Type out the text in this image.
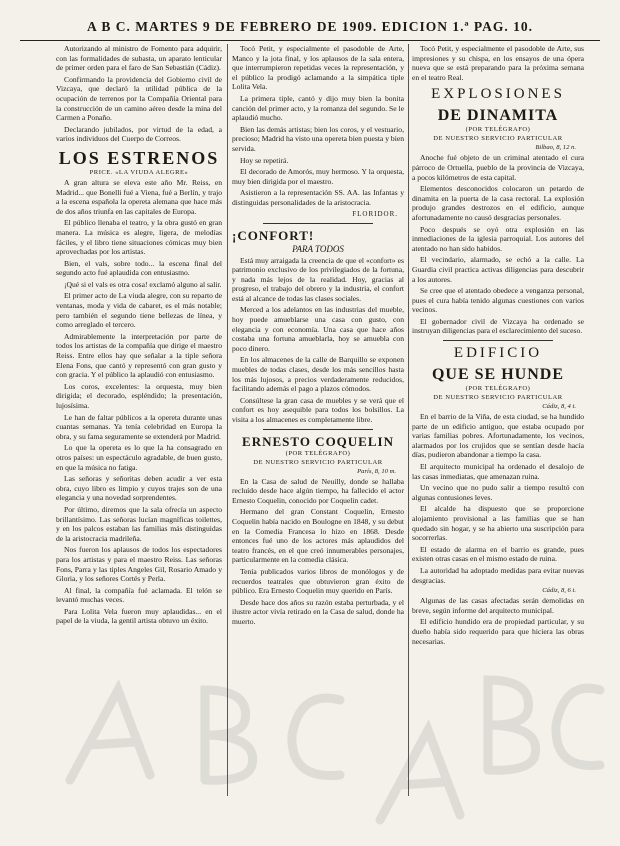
A B C. MARTES 9 DE FEBRERO DE 1909. EDICION 1.ª PAG. 10.

Autorizando al ministro de Fomento para adquirir, con las formalidades de subasta, un aparato lenticular de primer orden para el faro de San Sebastián (Cádiz).

Confirmando la providencia del Gobierno civil de Vizcaya, que declaró la utilidad pública de la ocupación de terrenos por la Compañía Oriental para la construcción de un camino aéreo desde la mina del Carmen a Ponaño.

Declarando jubilados, por virtud de la edad, a varios individuos del Cuerpo de Correos.

LOS ESTRENOS
PRICE. «LA VIUDA ALEGRE»

A gran altura se eleva este año Mr. Reiss, en Madrid... que Bonelli fué a Viena, fué a Berlín, y trajo a la escena española la opereta alemana que hace más de dos años triunfa en las capitales de Europa.

El público llenaba el teatro, y la obra gustó en gran manera. La música es alegre, ligera, de melodías fáciles, y el libro tiene situaciones cómicas muy bien aprovechadas por los artistas.

Bien, el vals, sobre todo... la escena final del segundo acto fué aplaudida con entusiasmo.

¡Qué si el vals es otra cosa! exclamó alguno al salir.

El primer acto de La viuda alegre, con su reparto de ventanas, moda y vida de cabaret, es el más notable; pero también el segundo tiene bellezas de línea, y como arreglado el tercero.

Admirablemente la interpretación por parte de todos los artistas de la compañía que dirige el maestro Reiss. Entre ellos hay que señalar a la tiple señora Elena Fons, que cantó y representó con gran gusto y con gracia. Y el público la aplaudió con entusiasmo.

Los coros, excelentes: la orquesta, muy bien dirigida; el decorado, espléndido; la presentación, lujosísima.

Le han de faltar públicos a la opereta durante unas cuantas semanas. Ya tenía celebridad en Europa la obra, y su fama seguramente se extenderá por Madrid.

Lo que la opereta es lo que la ha consagrado en otros países: un espectáculo agradable, de buen gusto, en que la música no fatiga.

Las señoras y señoritas deben acudir a ver esta obra, cuyo libro es limpio y cuyos trajes son de una elegancia y una novedad sorprendentes.

Por último, diremos que la sala ofrecía un aspecto brillantísimo. Las señoras lucían magníficas toilettes, y en los palcos estaban las familias más distinguidas de la aristocracia madrileña.

Nos fueron los aplausos de todos los espectadores para los artistas y para el maestro Reiss. Las señoras Fons, Parra y las tiples Angeles Gil, Rosario Amado y Gloria, y los señores Cortés y Perla.

Al final, la compañía fué aclamada. El telón se levantó muchas veces.

Para Lolita Vela fueron muy aplaudidas... en el papel de la viuda, la gentil artista obtuvo un éxito.

Tocó Petit, y especialmente el pasodoble de Arte, Manco y la jota final, y los aplausos de la sala entera, que interrumpieron repetidas veces la representación, y el público la prodigó aclamando a la simpática tiple Lolita Vela.

La primera tiple, cantó y dijo muy bien la bonita canción del primer acto, y la romanza del segundo. Se le aplaudió mucho.

Bien las demás artistas; bien los coros, y el vestuario, precioso; Madrid ha visto una opereta bien puesta y bien servida.

Hoy se repetirá.

El decorado de Amorós, muy hermoso. Y la orquesta, muy bien dirigida por el maestro.

Asistieron a la representación SS. AA. las Infantas y distinguidas personalidades de la aristocracia.

FLORIDOR.
¡CONFORT!
PARA TODOS

Está muy arraigada la creencia de que el «confort» es patrimonio exclusivo de los privilegiados de la fortuna, y nada más lejos de la realidad. Hoy, gracias al progreso, el trabajo del obrero y la industria, el confort está al alcance de todas las clases sociales.

Merced a los adelantos en las industrias del mueble, hoy puede amueblarse una casa con gusto, con elegancia y con economía. Una casa que hace años costaba una fortuna amueblarla, hoy se amuebla con poco dinero.

En los almacenes de la calle de Barquillo se exponen muebles de todas clases, desde los más sencillos hasta los más lujosos, a precios verdaderamente reducidos, facilitando además el pago a plazos cómodos.

Consúltese la gran casa de muebles y se verá que el confort es hoy asequible para todos los bolsillos. La visita a los almacenes es completamente libre.

ERNESTO COQUELIN
(POR TELÉGRAFO)
DE NUESTRO SERVICIO PARTICULAR
París, 8, 10 m.

En la Casa de salud de Neuilly, donde se hallaba recluído desde hace algún tiempo, ha fallecido el actor Ernesto Coquelin, conocido por Coquelin cadet.

Hermano del gran Constant Coquelin, Ernesto Coquelin había nacido en Boulogne en 1848, y su debut en la Comedia Francesa lo hizo en 1868. Desde entonces fué uno de los actores más aplaudidos del teatro francés, en el que creó innumerables personajes, particularmente en la comedia clásica.

Tenía publicados varios libros de monólogos y de recuerdos teatrales que obtuvieron gran éxito de público. Era Ernesto Coquelin muy querido en París.

Desde hace dos años su razón estaba perturbada, y el ilustre actor vivía retirado en la Casa de salud, donde ha muerto.

Tocó Petit, y especialmente el pasodoble de Arte, sus impresiones y su chispa, en los ensayos de una ópera nueva que se está preparando para la próxima semana en el teatro Real.

EXPLOSIONES
DE DINAMITA
(POR TELÉGRAFO)
DE NUESTRO SERVICIO PARTICULAR
Bilbao, 8, 12 n.

Anoche fué objeto de un criminal atentado el cura párroco de Ortuella, pueblo de la provincia de Vizcaya, a pocos kilómetros de esta capital.

Elementos desconocidos colocaron un petardo de dinamita en la puerta de la casa rectoral. La explosión produjo grandes destrozos en el edificio, aunque afortunadamente no causó desgracias personales.

Poco después se oyó otra explosión en las inmediaciones de la iglesia parroquial. Los autores del atentado no han sido habidos.

El vecindario, alarmado, se echó a la calle. La Guardia civil practica activas diligencias para descubrir a los autores.

Se cree que el atentado obedece a venganza personal, pues el cura había tenido algunas cuestiones con varios vecinos.

El gobernador civil de Vizcaya ha ordenado se instruyan diligencias para el esclarecimiento del suceso.

EDIFICIO
QUE SE HUNDE
(POR TELÉGRAFO)
DE NUESTRO SERVICIO PARTICULAR
Cádiz, 8, 4 t.

En el barrio de la Viña, de esta ciudad, se ha hundido parte de un edificio antiguo, que estaba ocupado por varias familias pobres. Afortunadamente, los vecinos, alarmados por los crujidos que se sentían desde hacía días, pudieron abandonar a tiempo la casa.

El arquitecto municipal ha ordenado el desalojo de las casas inmediatas, que amenazan ruina.

Un vecino que no pudo salir a tiempo resultó con algunas contusiones leves.

El alcalde ha dispuesto que se proporcione alojamiento provisional a las familias que se han quedado sin hogar, y se ha abierto una suscripción para socorrerlas.

El estado de alarma en el barrio es grande, pues existen otras casas en el mismo estado de ruina.

La autoridad ha adoptado medidas para evitar nuevas desgracias.

Cádiz, 8, 6 t.

Algunas de las casas afectadas serán demolidas en breve, según informe del arquitecto municipal.

El edificio hundido era de propiedad particular, y su dueño había sido requerido para que hiciera las obras necesarias.
